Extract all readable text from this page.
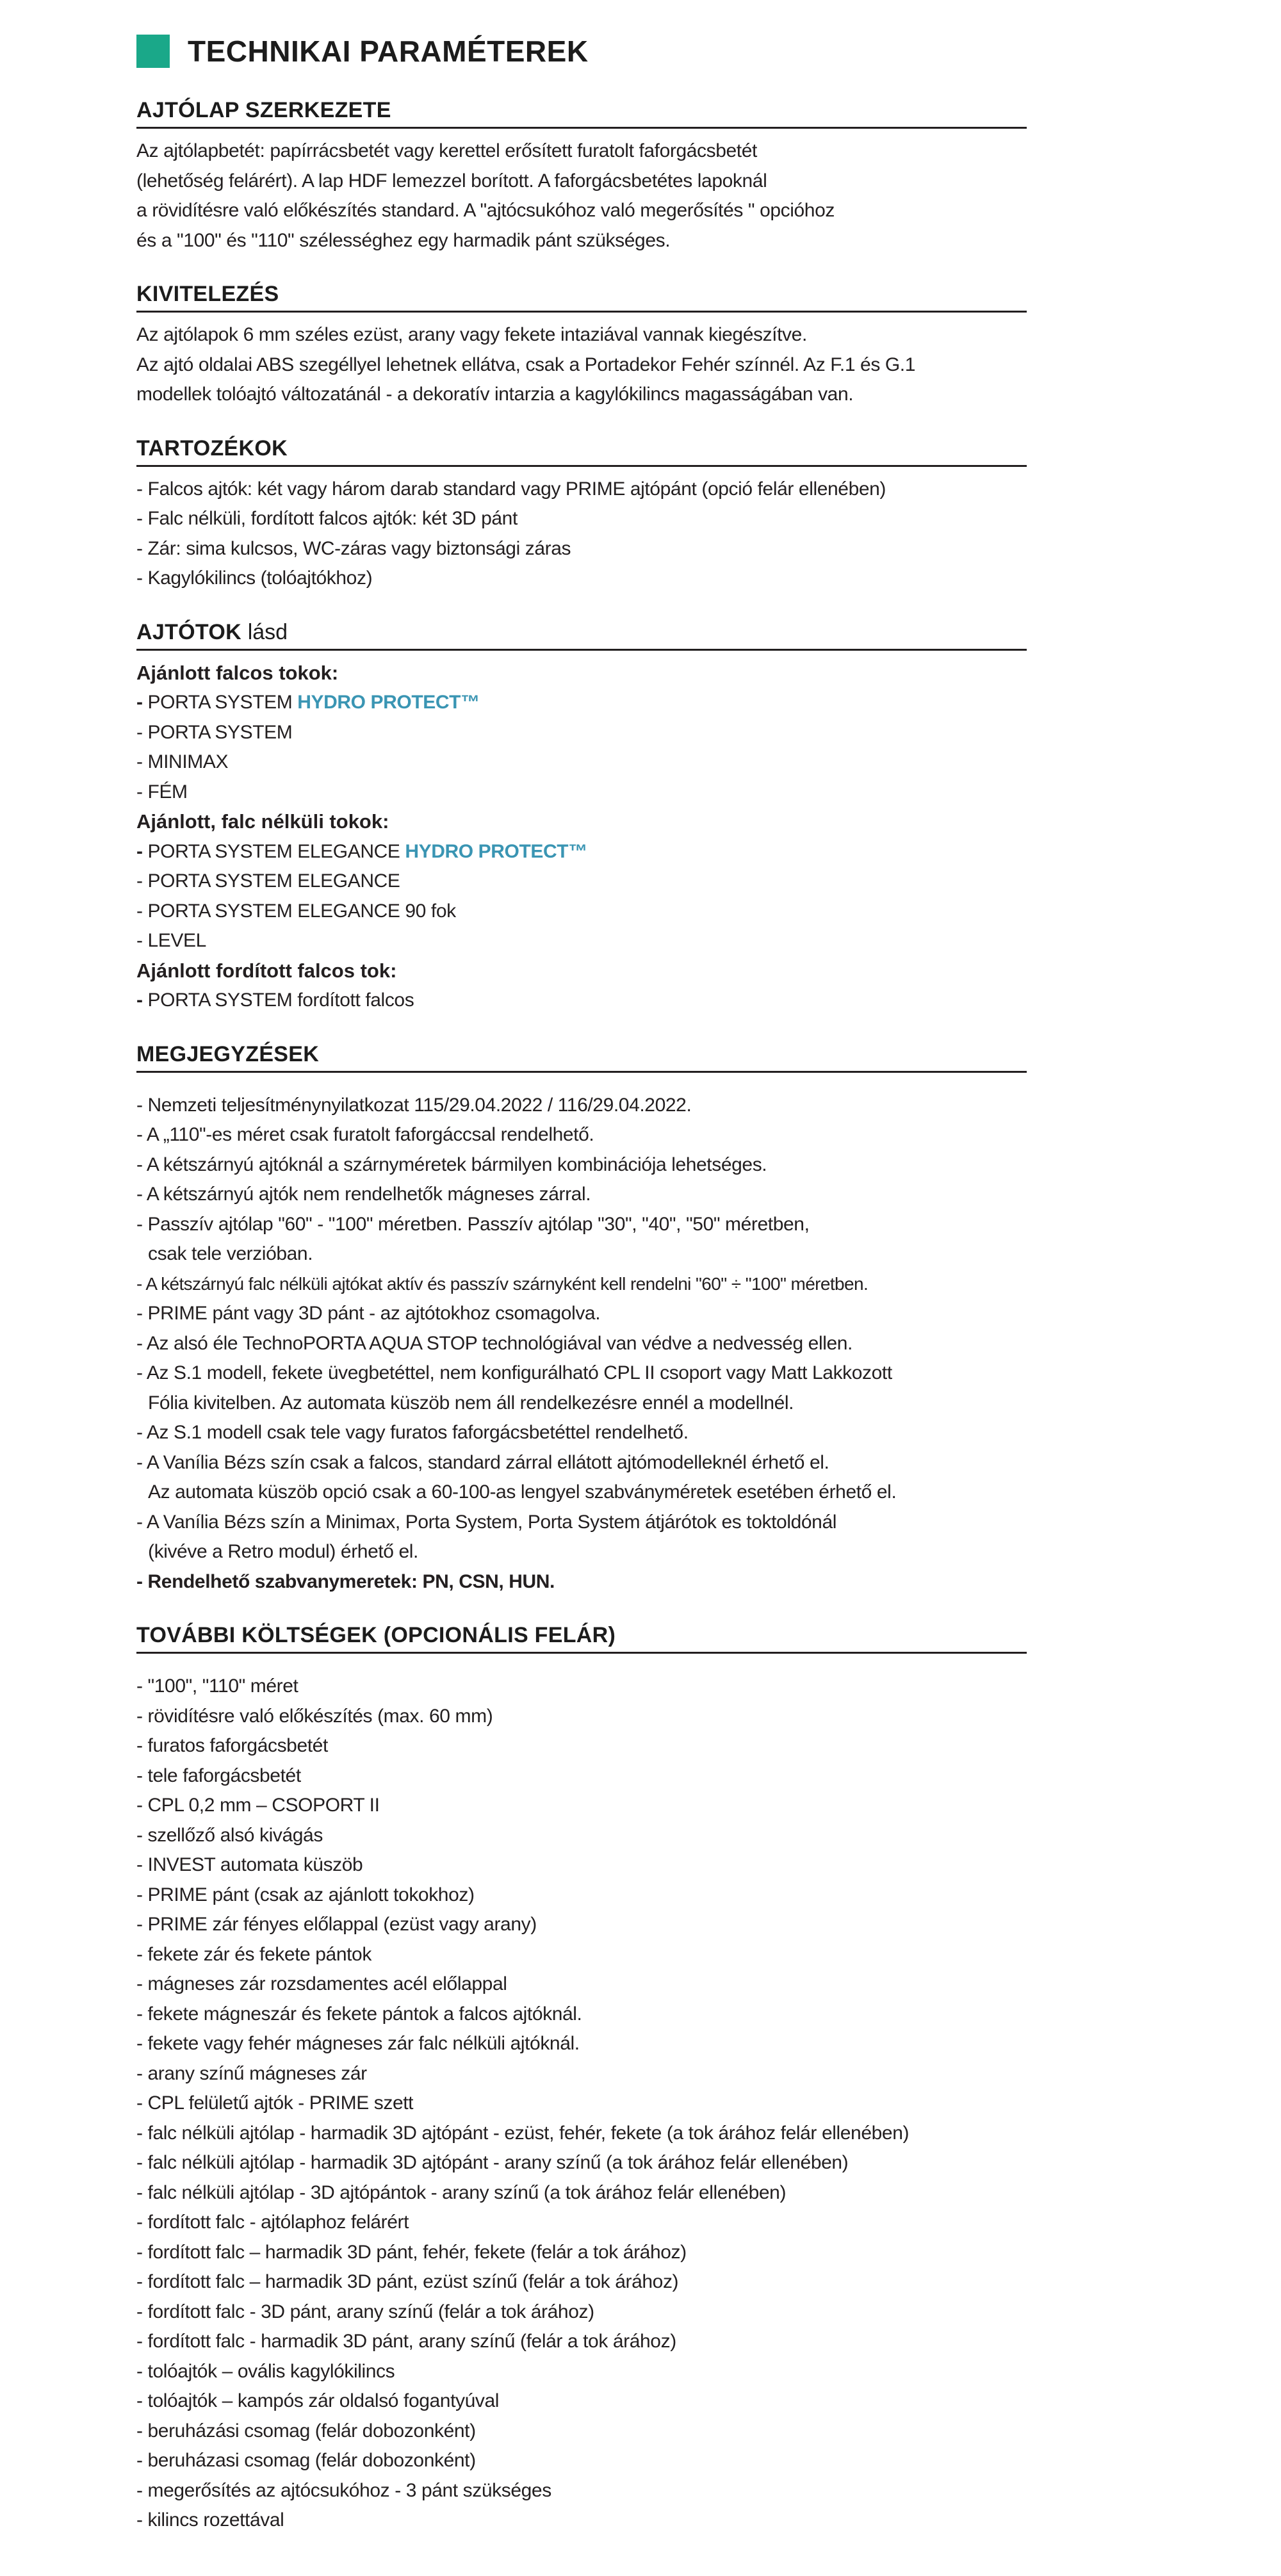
TECHNIKAI PARAMÉTEREK
AJTÓLAP SZERKEZETE
Az ajtólapbetét: papírrácsbetét vagy kerettel erősített furatolt faforgácsbetét
(lehetőség felárért). A lap HDF lemezzel borított. A faforgácsbetétes lapoknál
a rövidítésre való előkészítés standard. A "ajtócsukóhoz való megerősítés " opcióhoz
és a "100" és "110" szélességhez egy harmadik pánt szükséges.
KIVITELEZÉS
Az ajtólapok 6 mm széles ezüst, arany vagy fekete intaziával vannak kiegészítve.
Az ajtó oldalai ABS szegéllyel lehetnek ellátva, csak a Portadekor Fehér színnél. Az F.1 és G.1
modellek tolóajtó változatánál - a dekoratív intarzia a kagylókilincs magasságában van.
TARTOZÉKOK
- Falcos ajtók: két vagy három darab standard vagy PRIME ajtópánt (opció felár ellenében)
- Falc nélküli, fordított falcos ajtók: két 3D pánt
- Zár: sima kulcsos, WC-záras vagy biztonsági záras
- Kagylókilincs (tolóajtókhoz)
AJTÓTOK lásd
Ajánlott falcos tokok:
- PORTA SYSTEM HYDRO PROTECT™
- PORTA SYSTEM
- MINIMAX
- FÉM
Ajánlott, falc nélküli tokok:
- PORTA SYSTEM ELEGANCE HYDRO PROTECT™
- PORTA SYSTEM ELEGANCE
- PORTA SYSTEM ELEGANCE 90 fok
- LEVEL
Ajánlott fordított falcos tok:
- PORTA SYSTEM fordított falcos
MEGJEGYZÉSEK
- Nemzeti teljesítménynyilatkozat 115/29.04.2022 / 116/29.04.2022.
- A „110"-es méret csak furatolt faforgáccsal rendelhető.
- A kétszárnyú ajtóknál a szárnyméretek bármilyen kombinációja lehetséges.
- A kétszárnyú ajtók nem rendelhetők mágneses zárral.
- Passzív ajtólap "60" - "100" méretben. Passzív ajtólap "30", "40", "50" méretben,
csak tele verzióban.
- A kétszárnyú falc nélküli ajtókat aktív és passzív szárnyként kell rendelni "60" ÷ "100" méretben.
- PRIME pánt vagy 3D pánt - az ajtótokhoz csomagolva.
- Az alsó éle TechnoPORTA AQUA STOP technológiával van védve a nedvesség ellen.
- Az S.1 modell, fekete üvegbetéttel, nem konfigurálható CPL II csoport vagy Matt Lakkozott
Fólia kivitelben. Az automata küszöb nem áll rendelkezésre ennél a modellnél.
- Az S.1 modell csak tele vagy furatos faforgácsbetéttel rendelhető.
- A Vanília Bézs szín csak a falcos, standard zárral ellátott ajtómodelleknél érhető el.
Az automata küszöb opció csak a 60-100-as lengyel szabványméretek esetében érhető el.
- A Vanília Bézs szín a Minimax, Porta System, Porta System átjárótok es toktoldónál
(kivéve a Retro modul) érhető el.
- Rendelhető szabvanymeretek: PN, CSN, HUN.
TOVÁBBI KÖLTSÉGEK (OPCIONÁLIS FELÁR)
- "100", "110" méret
- rövidítésre való előkészítés (max. 60 mm)
- furatos faforgácsbetét
- tele faforgácsbetét
- CPL 0,2 mm – CSOPORT II
- szellőző alsó kivágás
- INVEST automata küszöb
- PRIME pánt (csak az ajánlott tokokhoz)
- PRIME zár fényes előlappal (ezüst vagy arany)
- fekete zár és fekete pántok
- mágneses zár rozsdamentes acél előlappal
- fekete mágneszár és fekete pántok a falcos ajtóknál.
- fekete vagy fehér mágneses zár falc nélküli ajtóknál.
- arany színű mágneses zár
- CPL felületű ajtók - PRIME szett
- falc nélküli ajtólap - harmadik 3D ajtópánt - ezüst, fehér, fekete (a tok árához felár ellenében)
- falc nélküli ajtólap - harmadik 3D ajtópánt - arany színű (a tok árához felár ellenében)
- falc nélküli ajtólap - 3D ajtópántok - arany színű (a tok árához felár ellenében)
- fordított falc - ajtólaphoz felárért
- fordított falc – harmadik 3D pánt, fehér, fekete (felár a tok árához)
- fordított falc – harmadik 3D pánt, ezüst színű (felár a tok árához)
- fordított falc - 3D pánt, arany színű (felár a tok árához)
- fordított falc - harmadik 3D pánt, arany színű (felár a tok árához)
- tolóajtók – ovális kagylókilincs
- tolóajtók – kampós zár oldalsó fogantyúval
- beruházási csomag (felár dobozonként)
- beruházasi csomag (felár dobozonként)
- megerősítés az ajtócsukóhoz - 3 pánt szükséges
- kilincs rozettával
